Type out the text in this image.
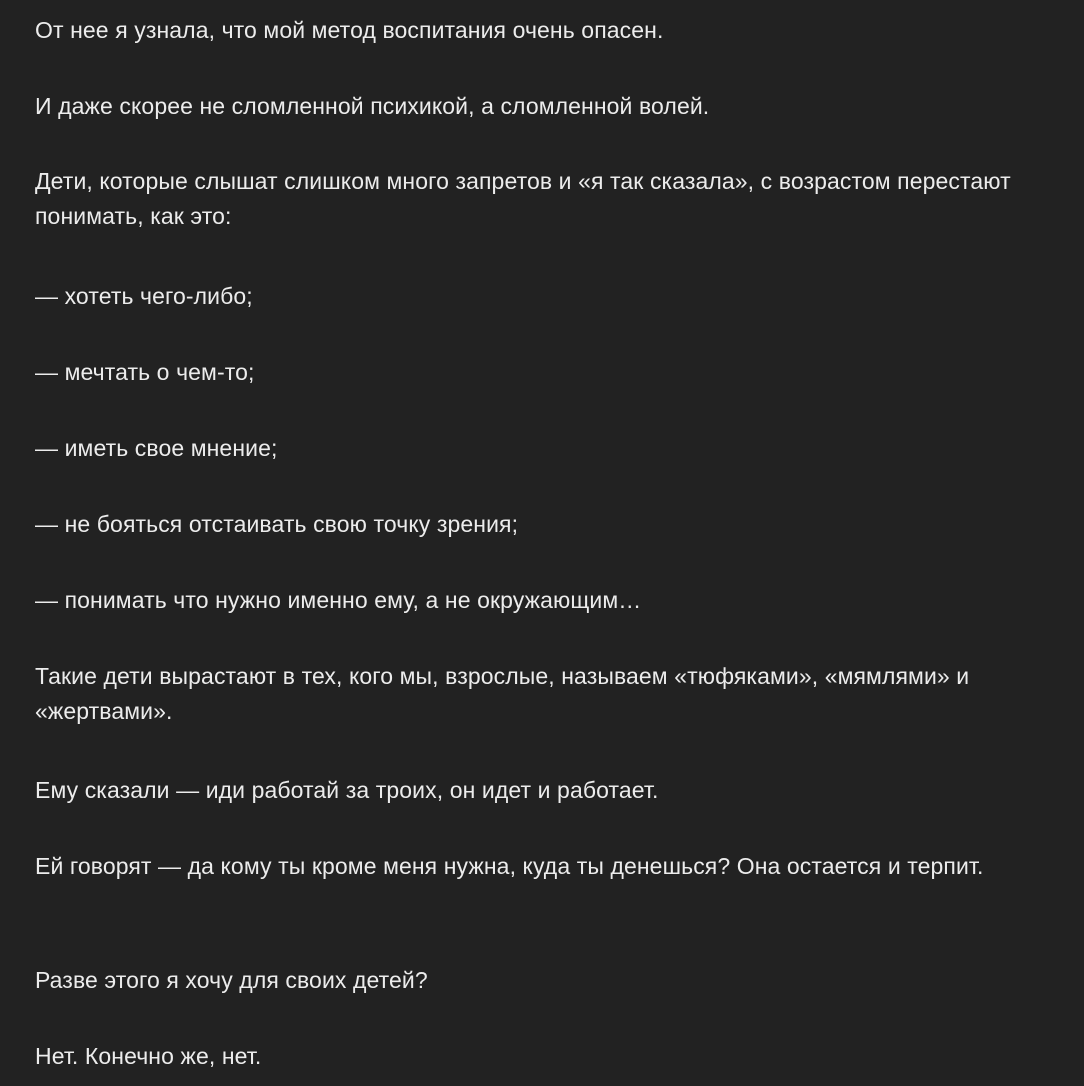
От нее я узнала, что мой метод воспитания очень опасен.

И даже скорее не сломленной психикой, а сломленной волей.

Дети, которые слышат слишком много запретов и «я так сказала», с возрастом перестают понимать, как это:

— хотеть чего-либо;

— мечтать о чем-то;

— иметь свое мнение;

— не бояться отстаивать свою точку зрения;

— понимать что нужно именно ему, а не окружающим…

Такие дети вырастают в тех, кого мы, взрослые, называем «тюфяками», «мямлями» и «жертвами».

Ему сказали — иди работай за троих, он идет и работает.

Ей говорят — да кому ты кроме меня нужна, куда ты денешься? Она остается и терпит.

Разве этого я хочу для своих детей?

Нет. Конечно же, нет.
